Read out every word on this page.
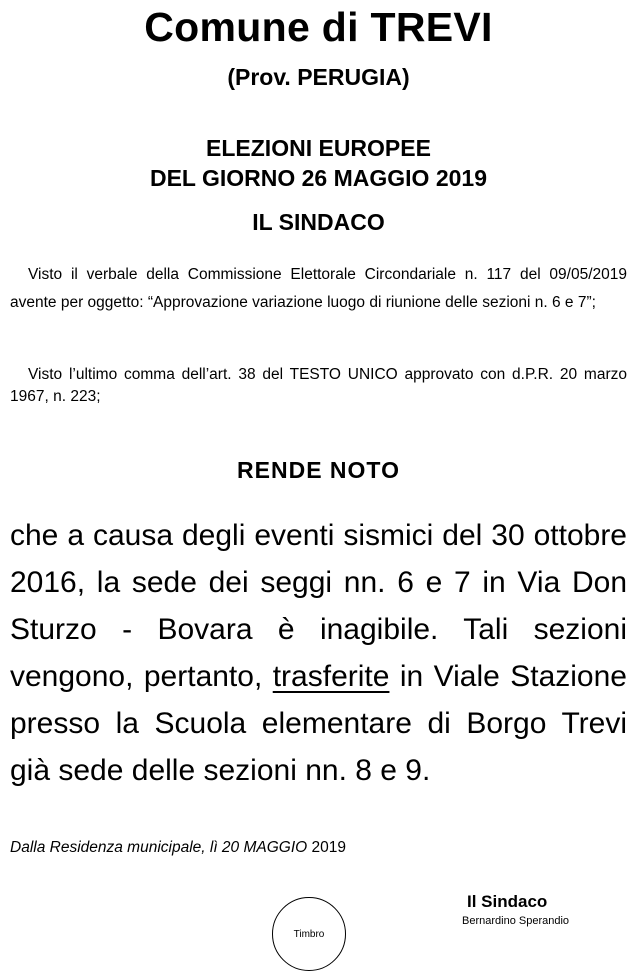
Comune di TREVI
(Prov. PERUGIA)
ELEZIONI EUROPEE
DEL GIORNO 26 MAGGIO 2019
IL SINDACO
Visto il verbale della Commissione Elettorale Circondariale n. 117 del 09/05/2019 avente per oggetto: “Approvazione variazione luogo di riunione delle sezioni n. 6 e 7”;
Visto l’ultimo comma dell’art. 38 del TESTO UNICO approvato con d.P.R. 20 marzo 1967, n. 223;
RENDE NOTO
che a causa degli eventi sismici del 30 ottobre 2016, la sede dei seggi nn. 6 e 7 in Via Don Sturzo - Bovara è inagibile. Tali sezioni vengono, pertanto, trasferite in Viale Stazione presso la Scuola elementare di Borgo Trevi già sede delle sezioni nn. 8 e 9.
Dalla Residenza municipale, lì 20 MAGGIO 2019
Il Sindaco
Bernardino Sperandio
Timbro
